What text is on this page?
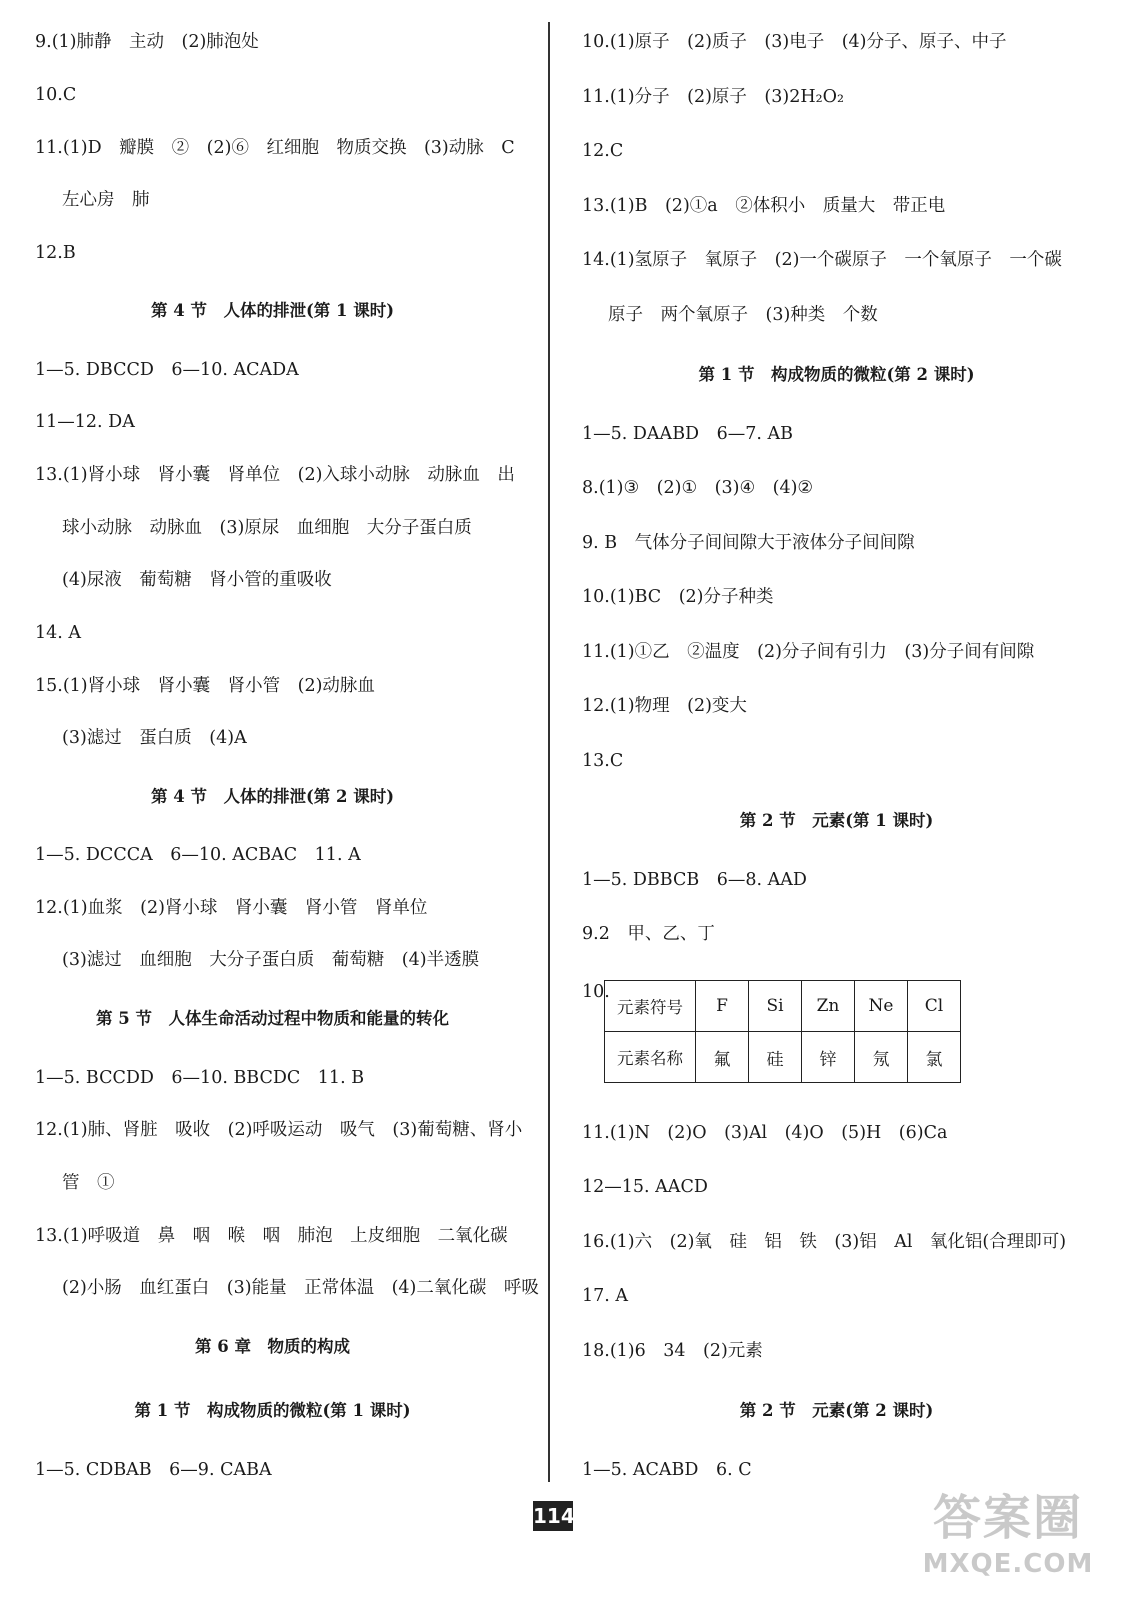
9.(1)肺静　主动　(2)肺泡处
10.C
11.(1)D　瓣膜　②　(2)⑥　红细胞　物质交换　(3)动脉　C
左心房　肺
12.B
第 4 节　人体的排泄(第 1 课时)
1—5. DBCCD　6—10. ACADA
11—12. DA
13.(1)肾小球　肾小囊　肾单位　(2)入球小动脉　动脉血　出
球小动脉　动脉血　(3)原尿　血细胞　大分子蛋白质
(4)尿液　葡萄糖　肾小管的重吸收
14. A
15.(1)肾小球　肾小囊　肾小管　(2)动脉血
(3)滤过　蛋白质　(4)A
第 4 节　人体的排泄(第 2 课时)
1—5. DCCCA　6—10. ACBAC　11. A
12.(1)血浆　(2)肾小球　肾小囊　肾小管　肾单位
(3)滤过　血细胞　大分子蛋白质　葡萄糖　(4)半透膜
第 5 节　人体生命活动过程中物质和能量的转化
1—5. BCCDD　6—10. BBCDC　11. B
12.(1)肺、肾脏　吸收　(2)呼吸运动　吸气　(3)葡萄糖、肾小
管　①
13.(1)呼吸道　鼻　咽　喉　咽　肺泡　上皮细胞　二氧化碳
(2)小肠　血红蛋白　(3)能量　正常体温　(4)二氧化碳　呼吸
第 6 章　物质的构成
第 1 节　构成物质的微粒(第 1 课时)
1—5. CDBAB　6—9. CABA
10.(1)原子　(2)质子　(3)电子　(4)分子、原子、中子
11.(1)分子　(2)原子　(3)2H₂O₂
12.C
13.(1)B　(2)①a　②体积小　质量大　带正电
14.(1)氢原子　氧原子　(2)一个碳原子　一个氧原子　一个碳
原子　两个氧原子　(3)种类　个数
第 1 节　构成物质的微粒(第 2 课时)
1—5. DAABD　6—7. AB
8.(1)③　(2)①　(3)④　(4)②
9. B　气体分子间间隙大于液体分子间间隙
10.(1)BC　(2)分子种类
11.(1)①乙　②温度　(2)分子间有引力　(3)分子间有间隙
12.(1)物理　(2)变大
13.C
第 2 节　元素(第 1 课时)
1—5. DBBCB　6—8. AAD
9.2　甲、乙、丁
10.
11.(1)N　(2)O　(3)Al　(4)O　(5)H　(6)Ca
12—15. AACD
16.(1)六　(2)氧　硅　铝　铁　(3)铝　Al　氧化铝(合理即可)
17. A
18.(1)6　34　(2)元素
第 2 节　元素(第 2 课时)
1—5. ACABD　6. C
元素符号	F	Si	Zn	Ne	Cl
元素名称	氟	硅	锌	氖	氯
114	答案圈
MXQE.COM
